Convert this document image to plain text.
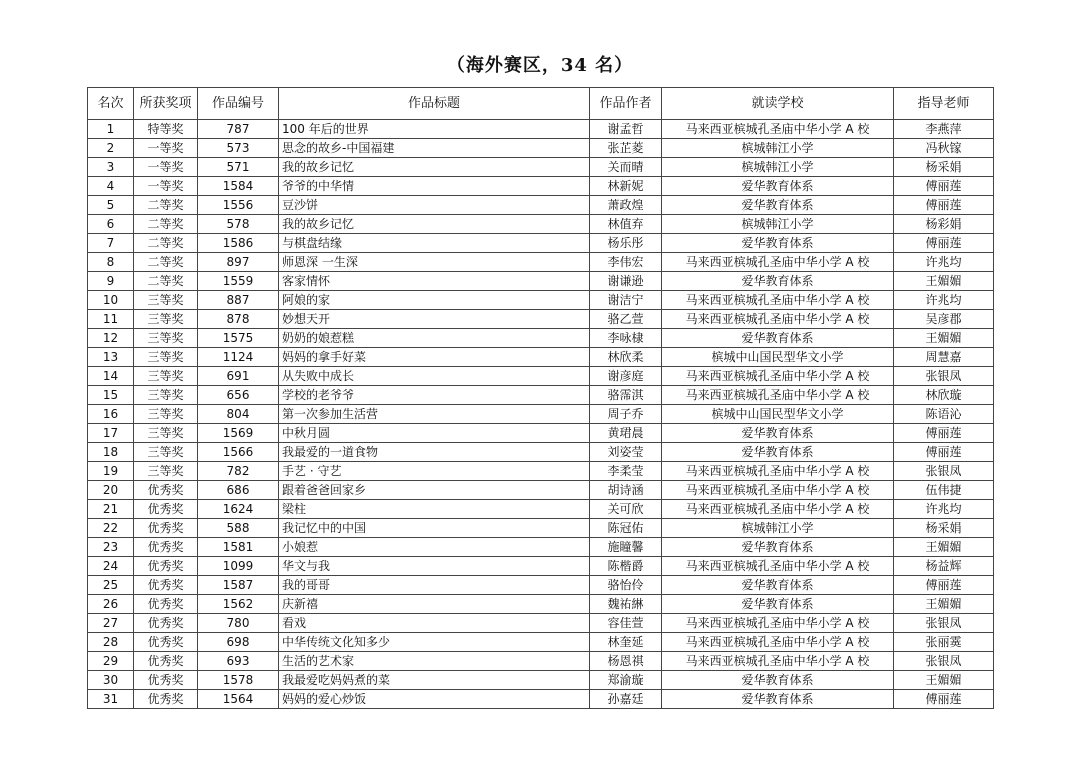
（海外赛区，34 名）
名次	所获奖项	作品编号	作品标题	作品作者	就读学校	指导老师
1	特等奖	787	100 年后的世界	谢孟哲	马来西亚槟城孔圣庙中华小学 A 校	李燕萍
2	一等奖	573	思念的故乡-中国福建	张芷菱	槟城韩江小学	冯秋镓
3	一等奖	571	我的故乡记忆	关而晴	槟城韩江小学	杨采娟
4	一等奖	1584	爷爷的中华情	林新妮	爱华教育体系	傅丽莲
5	二等奖	1556	豆沙饼	萧政煌	爱华教育体系	傅丽莲
6	二等奖	578	我的故乡记忆	林值弃	槟城韩江小学	杨彩娟
7	二等奖	1586	与棋盘结缘	杨乐彤	爱华教育体系	傅丽莲
8	二等奖	897	师恩深 一生深	李伟宏	马来西亚槟城孔圣庙中华小学 A 校	许兆均
9	二等奖	1559	客家情怀	谢谦逊	爱华教育体系	王媚媚
10	三等奖	887	阿娘的家	谢洁宁	马来西亚槟城孔圣庙中华小学 A 校	许兆均
11	三等奖	878	妙想天开	骆乙萱	马来西亚槟城孔圣庙中华小学 A 校	吴彦郡
12	三等奖	1575	奶奶的娘惹糕	李咏棣	爱华教育体系	王媚媚
13	三等奖	1124	妈妈的拿手好菜	林欣柔	槟城中山国民型华文小学	周慧嘉
14	三等奖	691	从失败中成长	谢彦庭	马来西亚槟城孔圣庙中华小学 A 校	张银凤
15	三等奖	656	学校的老爷爷	骆霈淇	马来西亚槟城孔圣庙中华小学 A 校	林欣璇
16	三等奖	804	第一次参加生活营	周子乔	槟城中山国民型华文小学	陈语沁
17	三等奖	1569	中秋月圆	黄珺晨	爱华教育体系	傅丽莲
18	三等奖	1566	我最爱的一道食物	刘姿莹	爱华教育体系	傅丽莲
19	三等奖	782	手艺 · 守艺	李柔莹	马来西亚槟城孔圣庙中华小学 A 校	张银凤
20	优秀奖	686	跟着爸爸回家乡	胡诗涵	马来西亚槟城孔圣庙中华小学 A 校	伍伟捷
21	优秀奖	1624	梁柱	关可欣	马来西亚槟城孔圣庙中华小学 A 校	许兆均
22	优秀奖	588	我记忆中的中国	陈冠佑	槟城韩江小学	杨采娟
23	优秀奖	1581	小娘惹	施瞳馨	爱华教育体系	王媚媚
24	优秀奖	1099	华文与我	陈楷爵	马来西亚槟城孔圣庙中华小学 A 校	杨益辉
25	优秀奖	1587	我的哥哥	骆怡伶	爱华教育体系	傅丽莲
26	优秀奖	1562	庆新禧	魏祐綝	爱华教育体系	王媚媚
27	优秀奖	780	看戏	容佳萱	马来西亚槟城孔圣庙中华小学 A 校	张银凤
28	优秀奖	698	中华传统文化知多少	林奎延	马来西亚槟城孔圣庙中华小学 A 校	张丽霙
29	优秀奖	693	生活的艺术家	杨恩祺	马来西亚槟城孔圣庙中华小学 A 校	张银凤
30	优秀奖	1578	我最爱吃妈妈煮的菜	郑渝璇	爱华教育体系	王媚媚
31	优秀奖	1564	妈妈的爱心炒饭	孙嘉廷	爱华教育体系	傅丽莲
